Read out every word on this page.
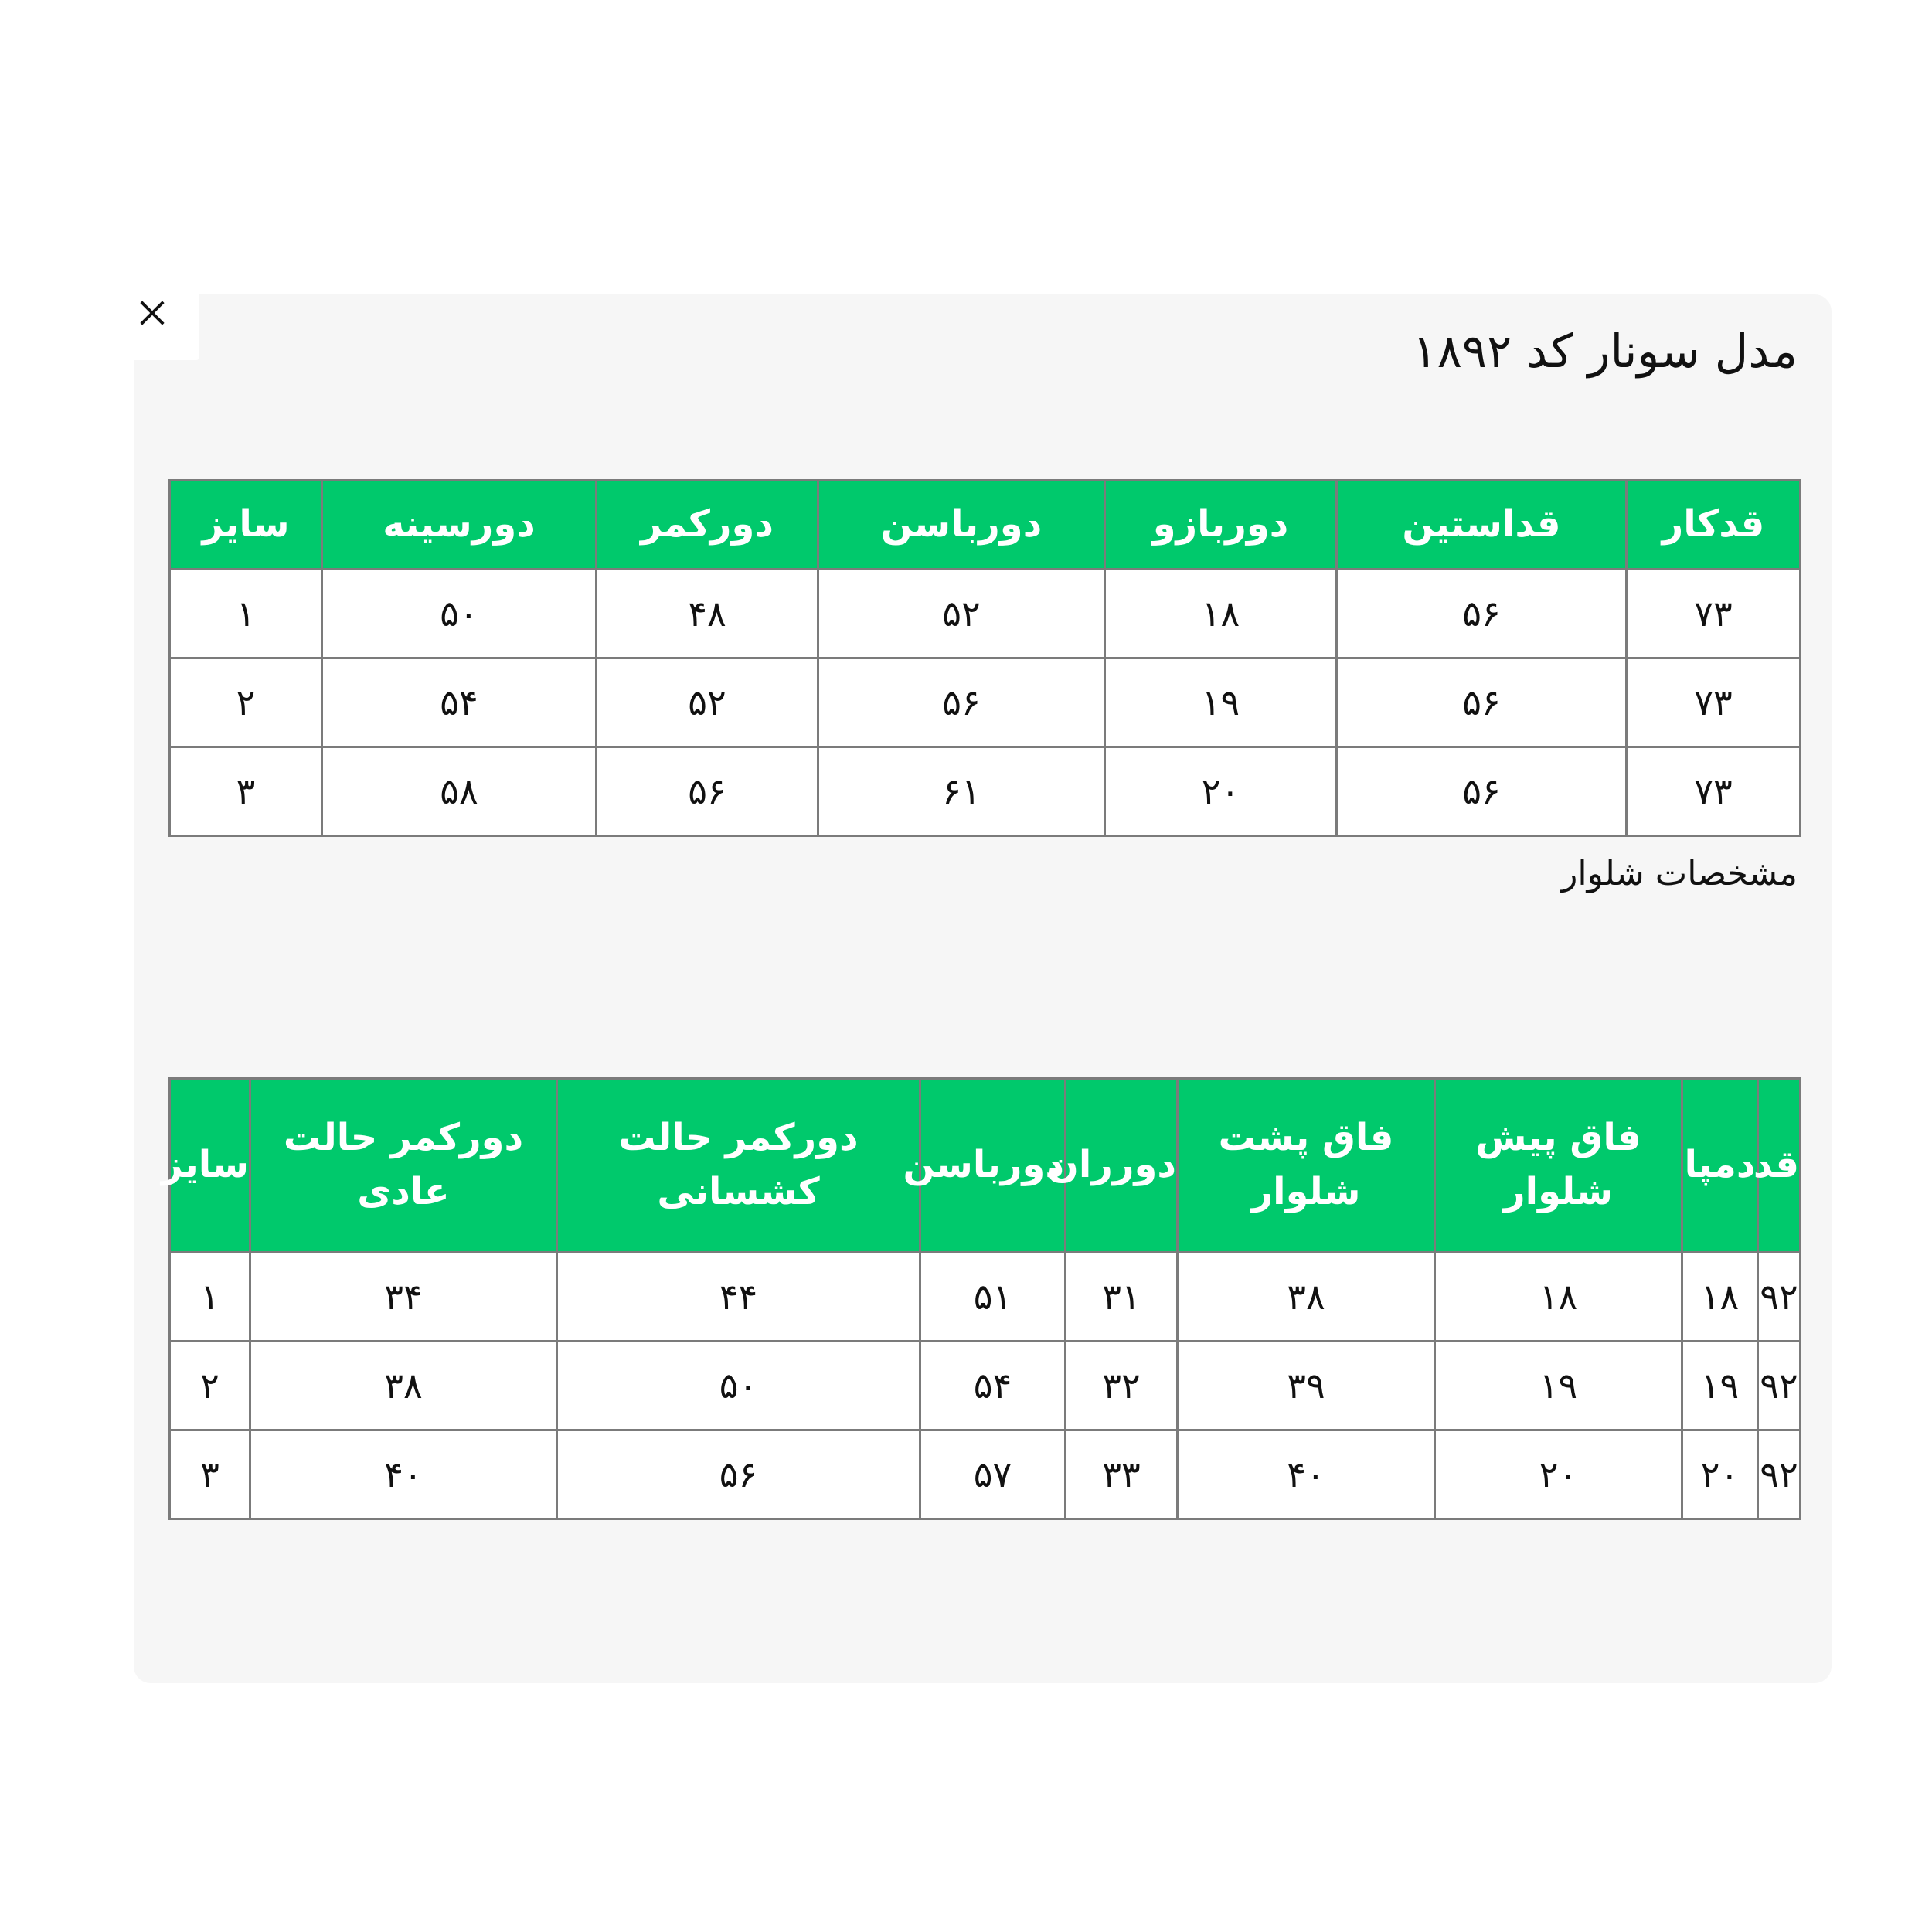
مدل سونار کد ۱۸۹۲
قدکار	قداستین	دوربازو	دورباسن	دورکمر	دورسینه	سایز
۷۳	۵۶	۱۸	۵۲	۴۸	۵۰	۱
۷۳	۵۶	۱۹	۵۶	۵۲	۵۴	۲
۷۳	۵۶	۲۰	۶۱	۵۶	۵۸	۳

مشخصات شلوار

قد	دمپا	فاق پیش شلوار	فاق پشت شلوار	دورران	دورباسن	دورکمر حالت کشسانی	دورکمر حالت عادی	سایز
۹۲	۱۸	۱۸	۳۸	۳۱	۵۱	۴۴	۳۴	۱
۹۲	۱۹	۱۹	۳۹	۳۲	۵۴	۵۰	۳۸	۲
۹۲	۲۰	۲۰	۴۰	۳۳	۵۷	۵۶	۴۰	۳
